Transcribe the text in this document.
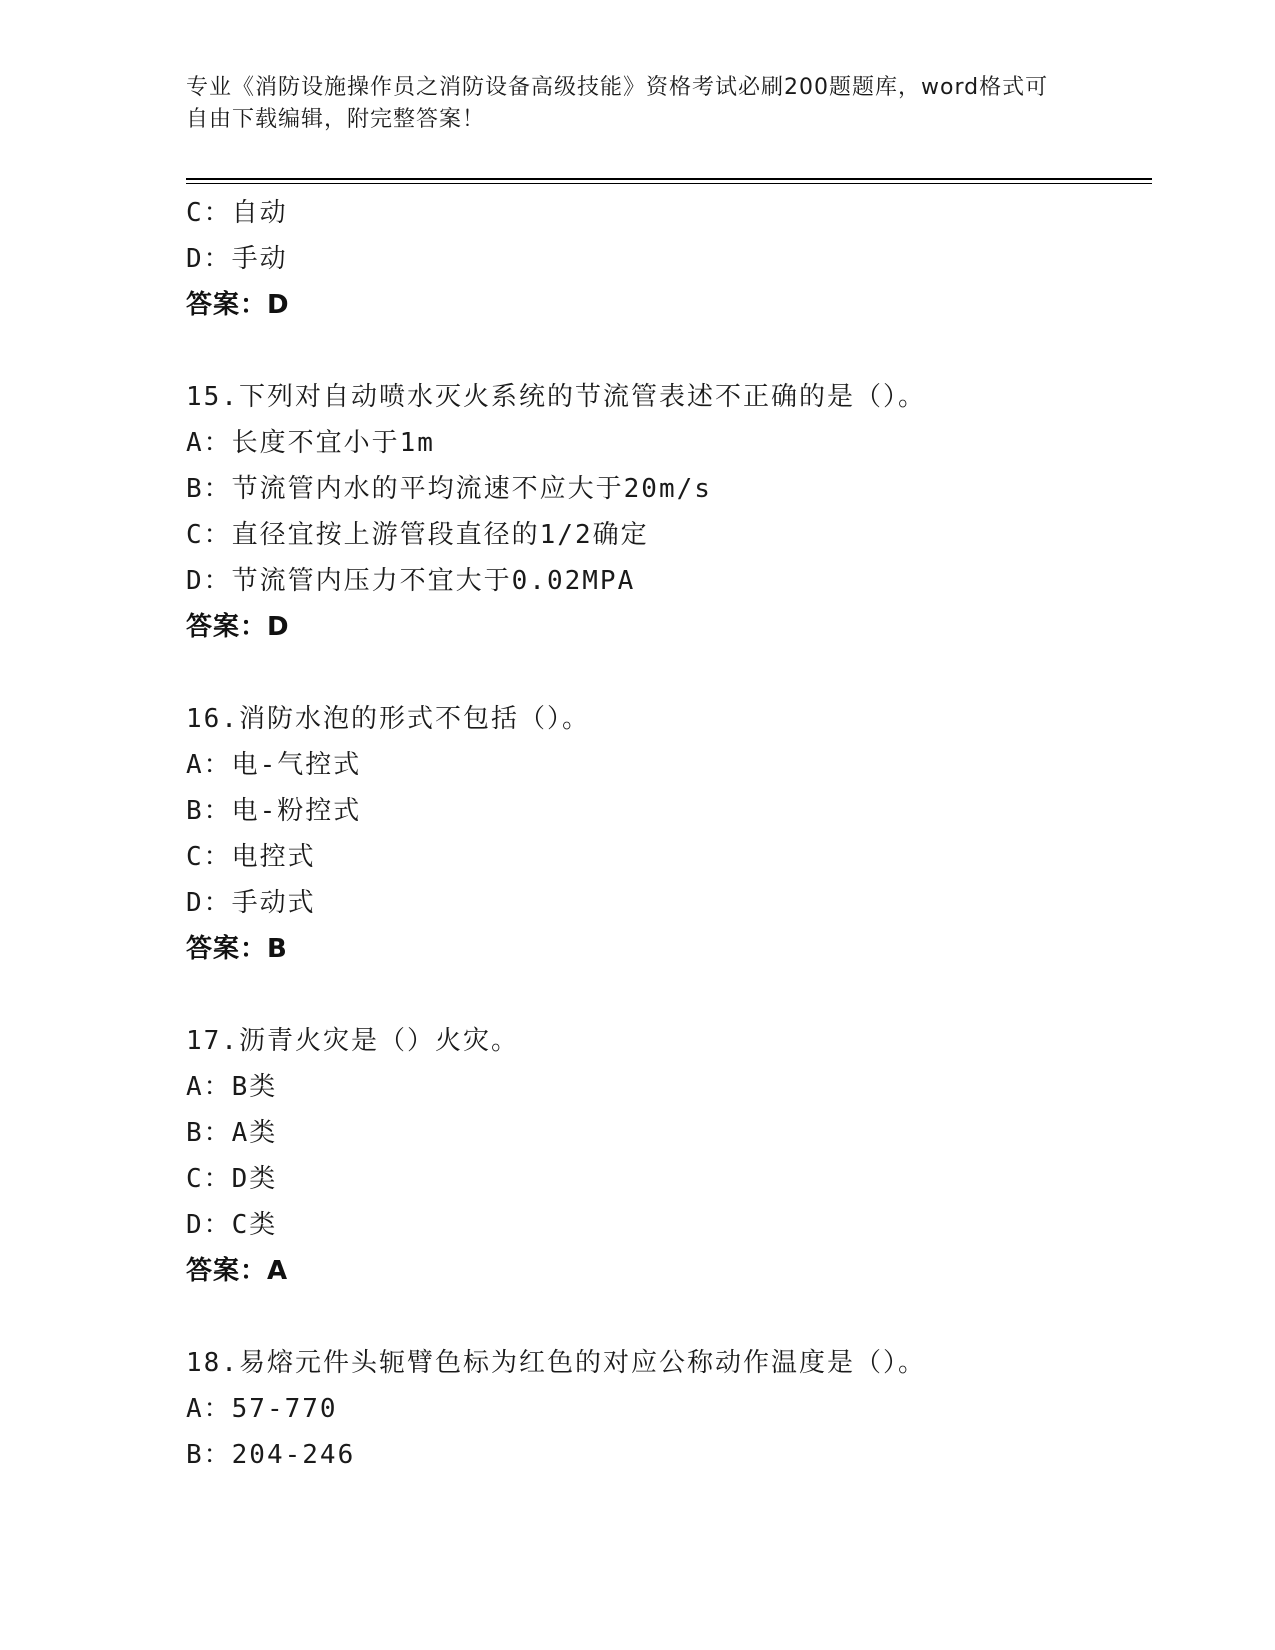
专业《消防设施操作员之消防设备高级技能》资格考试必刷200题题库，word格式可自由下载编辑，附完整答案！
C：自动
D：手动
答案：D
15.下列对自动喷水灭火系统的节流管表述不正确的是（）。
A：长度不宜小于1m
B：节流管内水的平均流速不应大于20m/s
C：直径宜按上游管段直径的1/2确定
D：节流管内压力不宜大于0.02MPA
答案：D
16.消防水泡的形式不包括（）。
A：电-气控式
B：电-粉控式
C：电控式
D：手动式
答案：B
17.沥青火灾是（）火灾。
A：B类
B：A类
C：D类
D：C类
答案：A
18.易熔元件头轭臂色标为红色的对应公称动作温度是（）。
A：57-770
B：204-246
